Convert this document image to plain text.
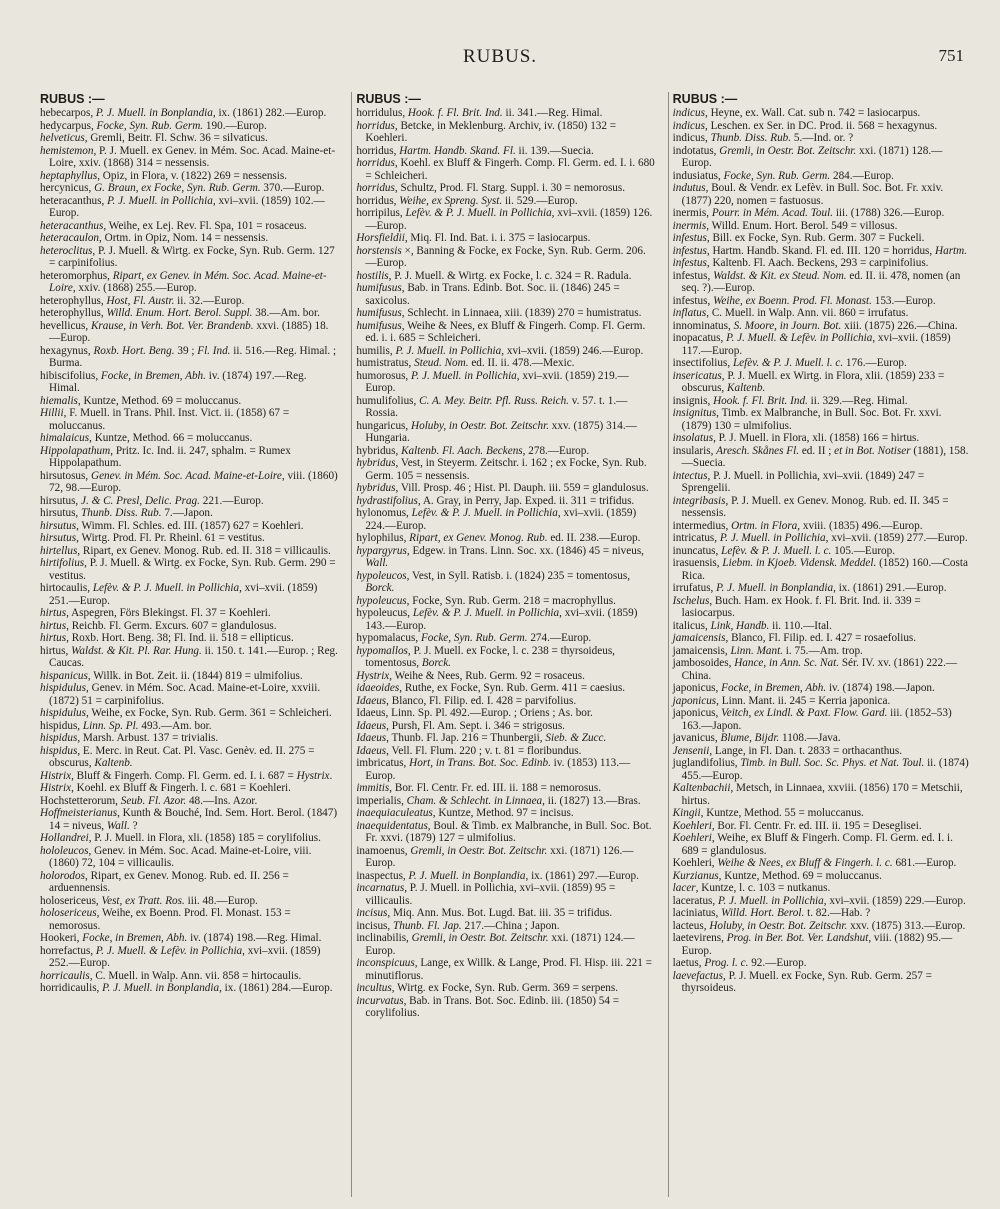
RUBUS.	751
RUBUS :—

hebecarpos, P. J. Muell. in Bonplandia, ix. (1861) 282.—Europ.

hedycarpus, Focke, Syn. Rub. Germ. 190.—Europ.

helveticus, Gremli, Beitr. Fl. Schw. 36 = silvaticus.

hemistemon, P. J. Muell. ex Genev. in Mém. Soc. Acad. Maine-et-Loire, xxiv. (1868) 314 = nessensis.

heptaphyllus, Opiz, in Flora, v. (1822) 269 = nessensis.

hercynicus, G. Braun, ex Focke, Syn. Rub. Germ. 370.—Europ.

heteracanthus, P. J. Muell. in Pollichia, xvi–xvii. (1859) 102.—Europ.

heteracanthus, Weihe, ex Lej. Rev. Fl. Spa, 101 = rosaceus.

heteracaulon, Ortm. in Opiz, Nom. 14 = nessensis.

heteroclitus, P. J. Muell. & Wirtg. ex Focke, Syn. Rub. Germ. 127 = carpinifolius.

heteromorphus, Ripart, ex Genev. in Mém. Soc. Acad. Maine-et-Loire, xxiv. (1868) 255.—Europ.

heterophyllus, Host, Fl. Austr. ii. 32.—Europ.

heterophyllus, Willd. Enum. Hort. Berol. Suppl. 38.—Am. bor.

hevellicus, Krause, in Verh. Bot. Ver. Brandenb. xxvi. (1885) 18.—Europ.

hexagynus, Roxb. Hort. Beng. 39 ; Fl. Ind. ii. 516.—Reg. Himal. ; Burma.

hibiscifolius, Focke, in Bremen, Abh. iv. (1874) 197.—Reg. Himal.

hiemalis, Kuntze, Method. 69 = moluccanus.

Hillii, F. Muell. in Trans. Phil. Inst. Vict. ii. (1858) 67 = moluccanus.

himalaicus, Kuntze, Method. 66 = moluccanus.

Hippolapathum, Pritz. Ic. Ind. ii. 247, sphalm. = Rumex Hippolapathum.

hirsutosus, Genev. in Mém. Soc. Acad. Maine-et-Loire, viii. (1860) 72, 98.—Europ.

hirsutus, J. & C. Presl, Delic. Prag. 221.—Europ.

hirsutus, Thunb. Diss. Rub. 7.—Japon.

hirsutus, Wimm. Fl. Schles. ed. III. (1857) 627 = Koehleri.

hirsutus, Wirtg. Prod. Fl. Pr. Rheinl. 61 = vestitus.

hirtellus, Ripart, ex Genev. Monog. Rub. ed. II. 318 = villicaulis.

hirtifolius, P. J. Muell. & Wirtg. ex Focke, Syn. Rub. Germ. 290 = vestitus.

hirtocaulis, Lefèv. & P. J. Muell. in Pollichia, xvi–xvii. (1859) 251.—Europ.

hirtus, Aspegren, Förs Blekingst. Fl. 37 = Koehleri.

hirtus, Reichb. Fl. Germ. Excurs. 607 = glandulosus.

hirtus, Roxb. Hort. Beng. 38; Fl. Ind. ii. 518 = ellipticus.

hirtus, Waldst. & Kit. Pl. Rar. Hung. ii. 150. t. 141.—Europ. ; Reg. Caucas.

hispanicus, Willk. in Bot. Zeit. ii. (1844) 819 = ulmifolius.

hispidulus, Genev. in Mém. Soc. Acad. Maine-et-Loire, xxviii. (1872) 51 = carpinifolius.

hispidulus, Weihe, ex Focke, Syn. Rub. Germ. 361 = Schleicheri.

hispidus, Linn. Sp. Pl. 493.—Am. bor.

hispidus, Marsh. Arbust. 137 = trivialis.

hispidus, E. Merc. in Reut. Cat. Pl. Vasc. Genèv. ed. II. 275 = obscurus, Kaltenb.

Histrix, Bluff & Fingerh. Comp. Fl. Germ. ed. I. i. 687 = Hystrix.

Histrix, Koehl. ex Bluff & Fingerh. l. c. 681 = Koehleri.

Hochstetterorum, Seub. Fl. Azor. 48.—Ins. Azor.

Hoffmeisterianus, Kunth & Bouché, Ind. Sem. Hort. Berol. (1847) 14 = niveus, Wall. ?

Hollandrei, P. J. Muell. in Flora, xli. (1858) 185 = corylifolius.

hololeucos, Genev. in Mém. Soc. Acad. Maine-et-Loire, viii. (1860) 72, 104 = villicaulis.

holorodos, Ripart, ex Genev. Monog. Rub. ed. II. 256 = arduennensis.

holosericeus, Vest, ex Tratt. Ros. iii. 48.—Europ.

holosericeus, Weihe, ex Boenn. Prod. Fl. Monast. 153 = nemorosus.

Hookeri, Focke, in Bremen, Abh. iv. (1874) 198.—Reg. Himal.

horrefactus, P. J. Muell. & Lefèv. in Pollichia, xvi–xvii. (1859) 252.—Europ.

horricaulis, C. Muell. in Walp. Ann. vii. 858 = hirtocaulis.

horridicaulis, P. J. Muell. in Bonplandia, ix. (1861) 284.—Europ.

RUBUS :—

horridulus, Hook. f. Fl. Brit. Ind. ii. 341.—Reg. Himal.

horridus, Betcke, in Meklenburg. Archiv, iv. (1850) 132 = Koehleri.

horridus, Hartm. Handb. Skand. Fl. ii. 139.—Suecia.

horridus, Koehl. ex Bluff & Fingerh. Comp. Fl. Germ. ed. I. i. 680 = Schleicheri.

horridus, Schultz, Prod. Fl. Starg. Suppl. i. 30 = nemorosus.

horridus, Weihe, ex Spreng. Syst. ii. 529.—Europ.

horripilus, Lefèv. & P. J. Muell. in Pollichia, xvi–xvii. (1859) 126.—Europ.

Horsfieldii, Miq. Fl. Ind. Bat. i. i. 375 = lasiocarpus.

horstensis ×, Banning & Focke, ex Focke, Syn. Rub. Germ. 206.—Europ.

hostilis, P. J. Muell. & Wirtg. ex Focke, l. c. 324 = R. Radula.

humifusus, Bab. in Trans. Edinb. Bot. Soc. ii. (1846) 245 = saxicolus.

humifusus, Schlecht. in Linnaea, xiii. (1839) 270 = humistratus.

humifusus, Weihe & Nees, ex Bluff & Fingerh. Comp. Fl. Germ. ed. i. i. 685 = Schleicheri.

humilis, P. J. Muell. in Pollichia, xvi–xvii. (1859) 246.—Europ.

humistratus, Steud. Nom. ed. II. ii. 478.—Mexic.

humorosus, P. J. Muell. in Pollichia, xvi–xvii. (1859) 219.—Europ.

humulifolius, C. A. Mey. Beitr. Pfl. Russ. Reich. v. 57. t. 1.—Rossia.

hungaricus, Holuby, in Oestr. Bot. Zeitschr. xxv. (1875) 314.—Hungaria.

hybridus, Kaltenb. Fl. Aach. Beckens, 278.—Europ.

hybridus, Vest, in Steyerm. Zeitschr. i. 162 ; ex Focke, Syn. Rub. Germ. 105 = nessensis.

hybridus, Vill. Prosp. 46 ; Hist. Pl. Dauph. iii. 559 = glandulosus.

hydrastifolius, A. Gray, in Perry, Jap. Exped. ii. 311 = trifidus.

hylonomus, Lefèv. & P. J. Muell. in Pollichia, xvi–xvii. (1859) 224.—Europ.

hylophilus, Ripart, ex Genev. Monog. Rub. ed. II. 238.—Europ.

hypargyrus, Edgew. in Trans. Linn. Soc. xx. (1846) 45 = niveus, Wall.

hypoleucos, Vest, in Syll. Ratisb. i. (1824) 235 = tomentosus, Borck.

hypoleucus, Focke, Syn. Rub. Germ. 218 = macrophyllus.

hypoleucus, Lefèv. & P. J. Muell. in Pollichia, xvi–xvii. (1859) 143.—Europ.

hypomalacus, Focke, Syn. Rub. Germ. 274.—Europ.

hypomallos, P. J. Muell. ex Focke, l. c. 238 = thyrsoideus, tomentosus, Borck.

Hystrix, Weihe & Nees, Rub. Germ. 92 = rosaceus.

idaeoides, Ruthe, ex Focke, Syn. Rub. Germ. 411 = caesius.

Idaeus, Blanco, Fl. Filip. ed. I. 428 = parvifolius.

Idaeus, Linn. Sp. Pl. 492.—Europ. ; Oriens ; As. bor.

Idaeus, Pursh, Fl. Am. Sept. i. 346 = strigosus.

Idaeus, Thunb. Fl. Jap. 216 = Thunbergii, Sieb. & Zucc.

Idaeus, Vell. Fl. Flum. 220 ; v. t. 81 = floribundus.

imbricatus, Hort, in Trans. Bot. Soc. Edinb. iv. (1853) 113.—Europ.

immitis, Bor. Fl. Centr. Fr. ed. III. ii. 188 = nemorosus.

imperialis, Cham. & Schlecht. in Linnaea, ii. (1827) 13.—Bras.

inaequiaculeatus, Kuntze, Method. 97 = incisus.

inaequidentatus, Boul. & Timb. ex Malbranche, in Bull. Soc. Bot. Fr. xxvi. (1879) 127 = ulmifolius.

inamoenus, Gremli, in Oestr. Bot. Zeitschr. xxi. (1871) 126.—Europ.

inaspectus, P. J. Muell. in Bonplandia, ix. (1861) 297.—Europ.

incarnatus, P. J. Muell. in Pollichia, xvi–xvii. (1859) 95 = villicaulis.

incisus, Miq. Ann. Mus. Bot. Lugd. Bat. iii. 35 = trifidus.

incisus, Thunb. Fl. Jap. 217.—China ; Japon.

inclinabilis, Gremli, in Oestr. Bot. Zeitschr. xxi. (1871) 124.—Europ.

inconspicuus, Lange, ex Willk. & Lange, Prod. Fl. Hisp. iii. 221 = minutiflorus.

incultus, Wirtg. ex Focke, Syn. Rub. Germ. 369 = serpens.

incurvatus, Bab. in Trans. Bot. Soc. Edinb. iii. (1850) 54 = corylifolius.

RUBUS :—

indicus, Heyne, ex. Wall. Cat. sub n. 742 = lasiocarpus.

indicus, Leschen. ex Ser. in DC. Prod. ii. 568 = hexagynus.

indicus, Thunb. Diss. Rub. 5.—Ind. or. ?

indotatus, Gremli, in Oestr. Bot. Zeitschr. xxi. (1871) 128.—Europ.

indusiatus, Focke, Syn. Rub. Germ. 284.—Europ.

indutus, Boul. & Vendr. ex Lefèv. in Bull. Soc. Bot. Fr. xxiv. (1877) 220, nomen = fastuosus.

inermis, Pourr. in Mém. Acad. Toul. iii. (1788) 326.—Europ.

inermis, Willd. Enum. Hort. Berol. 549 = villosus.

infestus, Bill. ex Focke, Syn. Rub. Germ. 307 = Fuckeli.

infestus, Hartm. Handb. Skand. Fl. ed. III. 120 = horridus, Hartm.

infestus, Kaltenb. Fl. Aach. Beckens, 293 = carpinifolius.

infestus, Waldst. & Kit. ex Steud. Nom. ed. II. ii. 478, nomen (an seq. ?).—Europ.

infestus, Weihe, ex Boenn. Prod. Fl. Monast. 153.—Europ.

inflatus, C. Muell. in Walp. Ann. vii. 860 = irrufatus.

innominatus, S. Moore, in Journ. Bot. xiii. (1875) 226.—China.

inopacatus, P. J. Muell. & Lefèv. in Pollichia, xvi–xvii. (1859) 117.—Europ.

insectifolius, Lefèv. & P. J. Muell. l. c. 176.—Europ.

insericatus, P. J. Muell. ex Wirtg. in Flora, xlii. (1859) 233 = obscurus, Kaltenb.

insignis, Hook. f. Fl. Brit. Ind. ii. 329.—Reg. Himal.

insignitus, Timb. ex Malbranche, in Bull. Soc. Bot. Fr. xxvi. (1879) 130 = ulmifolius.

insolatus, P. J. Muell. in Flora, xli. (1858) 166 = hirtus.

insularis, Aresch. Skånes Fl. ed. II ; et in Bot. Notiser (1881), 158.—Suecia.

intectus, P. J. Muell. in Pollichia, xvi–xvii. (1849) 247 = Sprengelii.

integribasis, P. J. Muell. ex Genev. Monog. Rub. ed. II. 345 = nessensis.

intermedius, Ortm. in Flora, xviii. (1835) 496.—Europ.

intricatus, P. J. Muell. in Pollichia, xvi–xvii. (1859) 277.—Europ.

inuncatus, Lefèv. & P. J. Muell. l. c. 105.—Europ.

irasuensis, Liebm. in Kjoeb. Vidensk. Meddel. (1852) 160.—Costa Rica.

irrufatus, P. J. Muell. in Bonplandia, ix. (1861) 291.—Europ.

Ischelus, Buch. Ham. ex Hook. f. Fl. Brit. Ind. ii. 339 = lasiocarpus.

italicus, Link, Handb. ii. 110.—Ital.

jamaicensis, Blanco, Fl. Filip. ed. I. 427 = rosaefolius.

jamaicensis, Linn. Mant. i. 75.—Am. trop.

jambosoides, Hance, in Ann. Sc. Nat. Sér. IV. xv. (1861) 222.—China.

japonicus, Focke, in Bremen, Abh. iv. (1874) 198.—Japon.

japonicus, Linn. Mant. ii. 245 = Kerria japonica.

japonicus, Veitch, ex Lindl. & Paxt. Flow. Gard. iii. (1852–53) 163.—Japon.

javanicus, Blume, Bijdr. 1108.—Java.

Jensenii, Lange, in Fl. Dan. t. 2833 = orthacanthus.

juglandifolius, Timb. in Bull. Soc. Sc. Phys. et Nat. Toul. ii. (1874) 455.—Europ.

Kaltenbachii, Metsch, in Linnaea, xxviii. (1856) 170 = Metschii, hirtus.

Kingii, Kuntze, Method. 55 = moluccanus.

Koehleri, Bor. Fl. Centr. Fr. ed. III. ii. 195 = Deseglisei.

Koehleri, Weihe, ex Bluff & Fingerh. Comp. Fl. Germ. ed. I. i. 689 = glandulosus.

Koehleri, Weihe & Nees, ex Bluff & Fingerh. l. c. 681.—Europ.

Kurzianus, Kuntze, Method. 69 = moluccanus.

lacer, Kuntze, l. c. 103 = nutkanus.

laceratus, P. J. Muell. in Pollichia, xvi–xvii. (1859) 229.—Europ.

laciniatus, Willd. Hort. Berol. t. 82.—Hab. ?

lacteus, Holuby, in Oestr. Bot. Zeitschr. xxv. (1875) 313.—Europ.

laetevirens, Prog. in Ber. Bot. Ver. Landshut, viii. (1882) 95.—Europ.

laetus, Prog. l. c. 92.—Europ.

laevefactus, P. J. Muell. ex Focke, Syn. Rub. Germ. 257 = thyrsoideus.
